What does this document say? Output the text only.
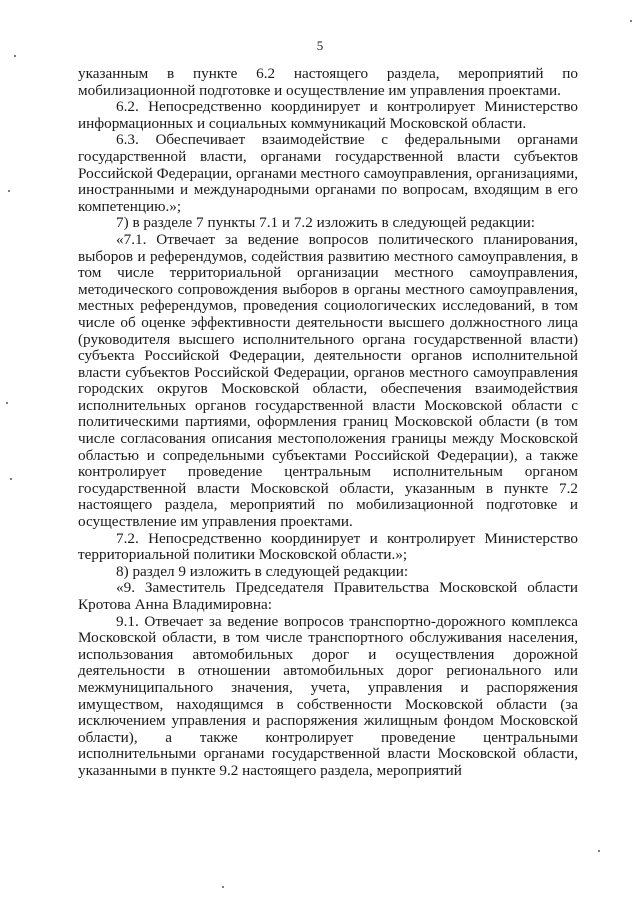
5

указанным в пункте 6.2 настоящего раздела, мероприятий по мобилизационной подготовке и осуществление им управления проектами.

6.2. Непосредственно координирует и контролирует Министерство информационных и социальных коммуникаций Московской области.

6.3. Обеспечивает взаимодействие с федеральными органами государственной власти, органами государственной власти субъектов Российской Федерации, органами местного самоуправления, организациями, иностранными и международными органами по вопросам, входящим в его компетенцию.»;

7) в разделе 7 пункты 7.1 и 7.2 изложить в следующей редакции:

«7.1. Отвечает за ведение вопросов политического планирования, выборов и референдумов, содействия развитию местного самоуправления, в том числе территориальной организации местного самоуправления, методического сопровождения выборов в органы местного самоуправления, местных референдумов, проведения социологических исследований, в том числе об оценке эффективности деятельности высшего должностного лица (руководителя высшего исполнительного органа государственной власти) субъекта Российской Федерации, деятельности органов исполнительной власти субъектов Российской Федерации, органов местного самоуправления городских округов Московской области, обеспечения взаимодействия исполнительных органов государственной власти Московской области с политическими партиями, оформления границ Московской области (в том числе согласования описания местоположения границы между Московской областью и сопредельными субъектами Российской Федерации), а также контролирует проведение центральным исполнительным органом государственной власти Московской области, указанным в пункте 7.2 настоящего раздела, мероприятий по мобилизационной подготовке и осуществление им управления проектами.

7.2. Непосредственно координирует и контролирует Министерство территориальной политики Московской области.»;

8) раздел 9 изложить в следующей редакции:

«9. Заместитель Председателя Правительства Московской области Кротова Анна Владимировна:

9.1. Отвечает за ведение вопросов транспортно-дорожного комплекса Московской области, в том числе транспортного обслуживания населения, использования автомобильных дорог и осуществления дорожной деятельности в отношении автомобильных дорог регионального или межмуниципального значения, учета, управления и распоряжения имуществом, находящимся в собственности Московской области (за исключением управления и распоряжения жилищным фондом Московской области), а также контролирует проведение центральными исполнительными органами государственной власти Московской области, указанными в пункте 9.2 настоящего раздела, мероприятий
